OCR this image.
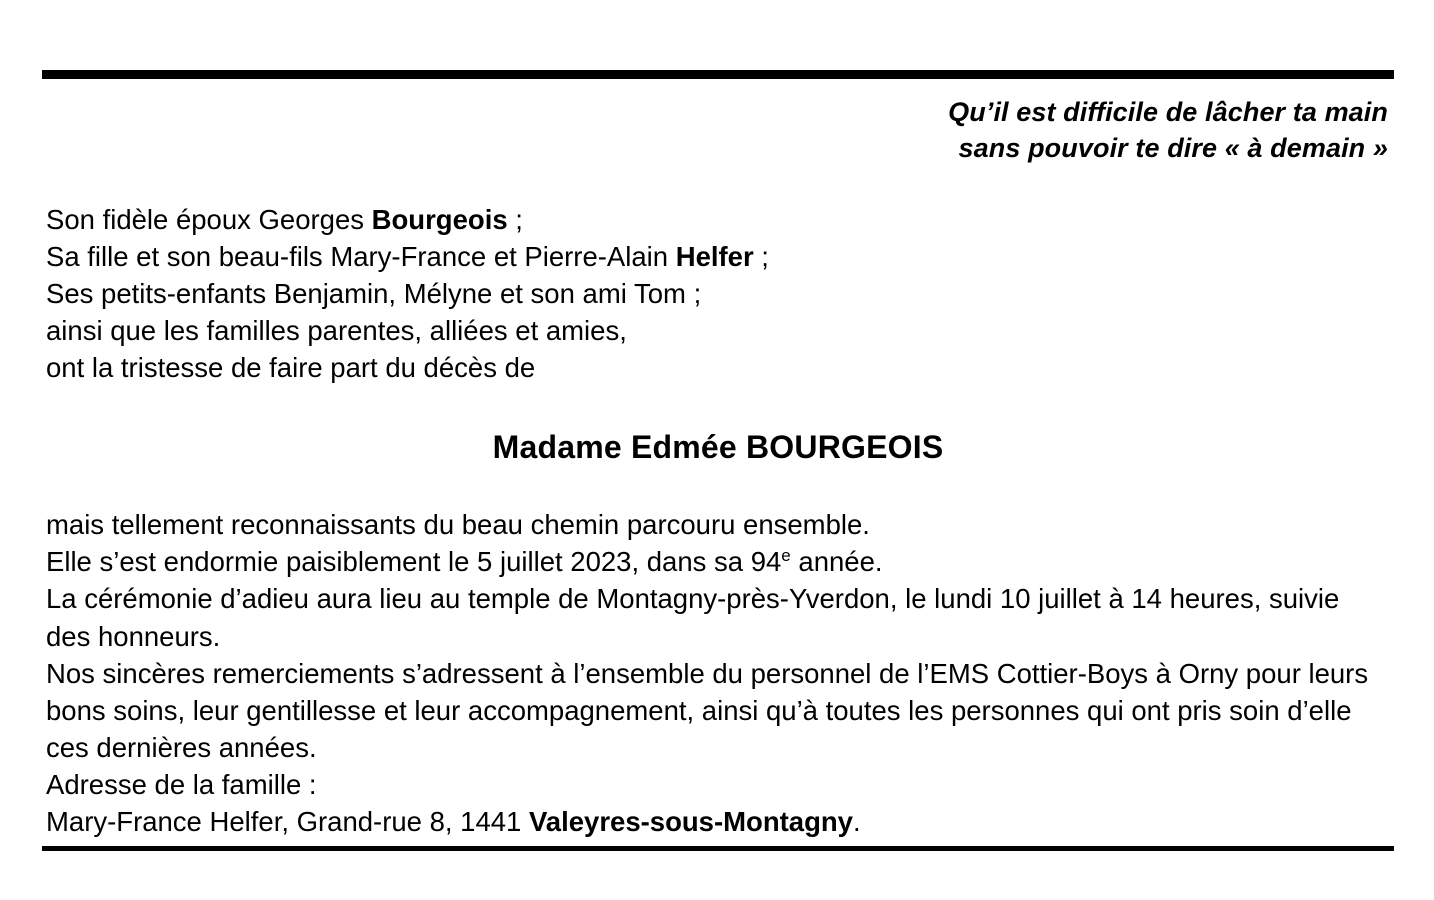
Qu’il est difficile de lâcher ta main
sans pouvoir te dire « à demain »

Son fidèle époux Georges Bourgeois ;

Sa fille et son beau-fils Mary-France et Pierre-Alain Helfer ;

Ses petits-enfants Benjamin, Mélyne et son ami Tom ;

ainsi que les familles parentes, alliées et amies,

ont la tristesse de faire part du décès de

Madame Edmée BOURGEOIS

mais tellement reconnaissants du beau chemin parcouru ensemble.

Elle s’est endormie paisiblement le 5 juillet 2023, dans sa 94e année.

La cérémonie d’adieu aura lieu au temple de Montagny-près-Yverdon, le lundi 10 juillet à 14 heures, suivie des honneurs.

Nos sincères remerciements s’adressent à l’ensemble du personnel de l’EMS Cottier-Boys à Orny pour leurs bons soins, leur gentillesse et leur accompagnement, ainsi qu’à toutes les personnes qui ont pris soin d’elle ces dernières années.

Adresse de la famille :

Mary-France Helfer, Grand-rue 8, 1441 Valeyres-sous-Montagny.
